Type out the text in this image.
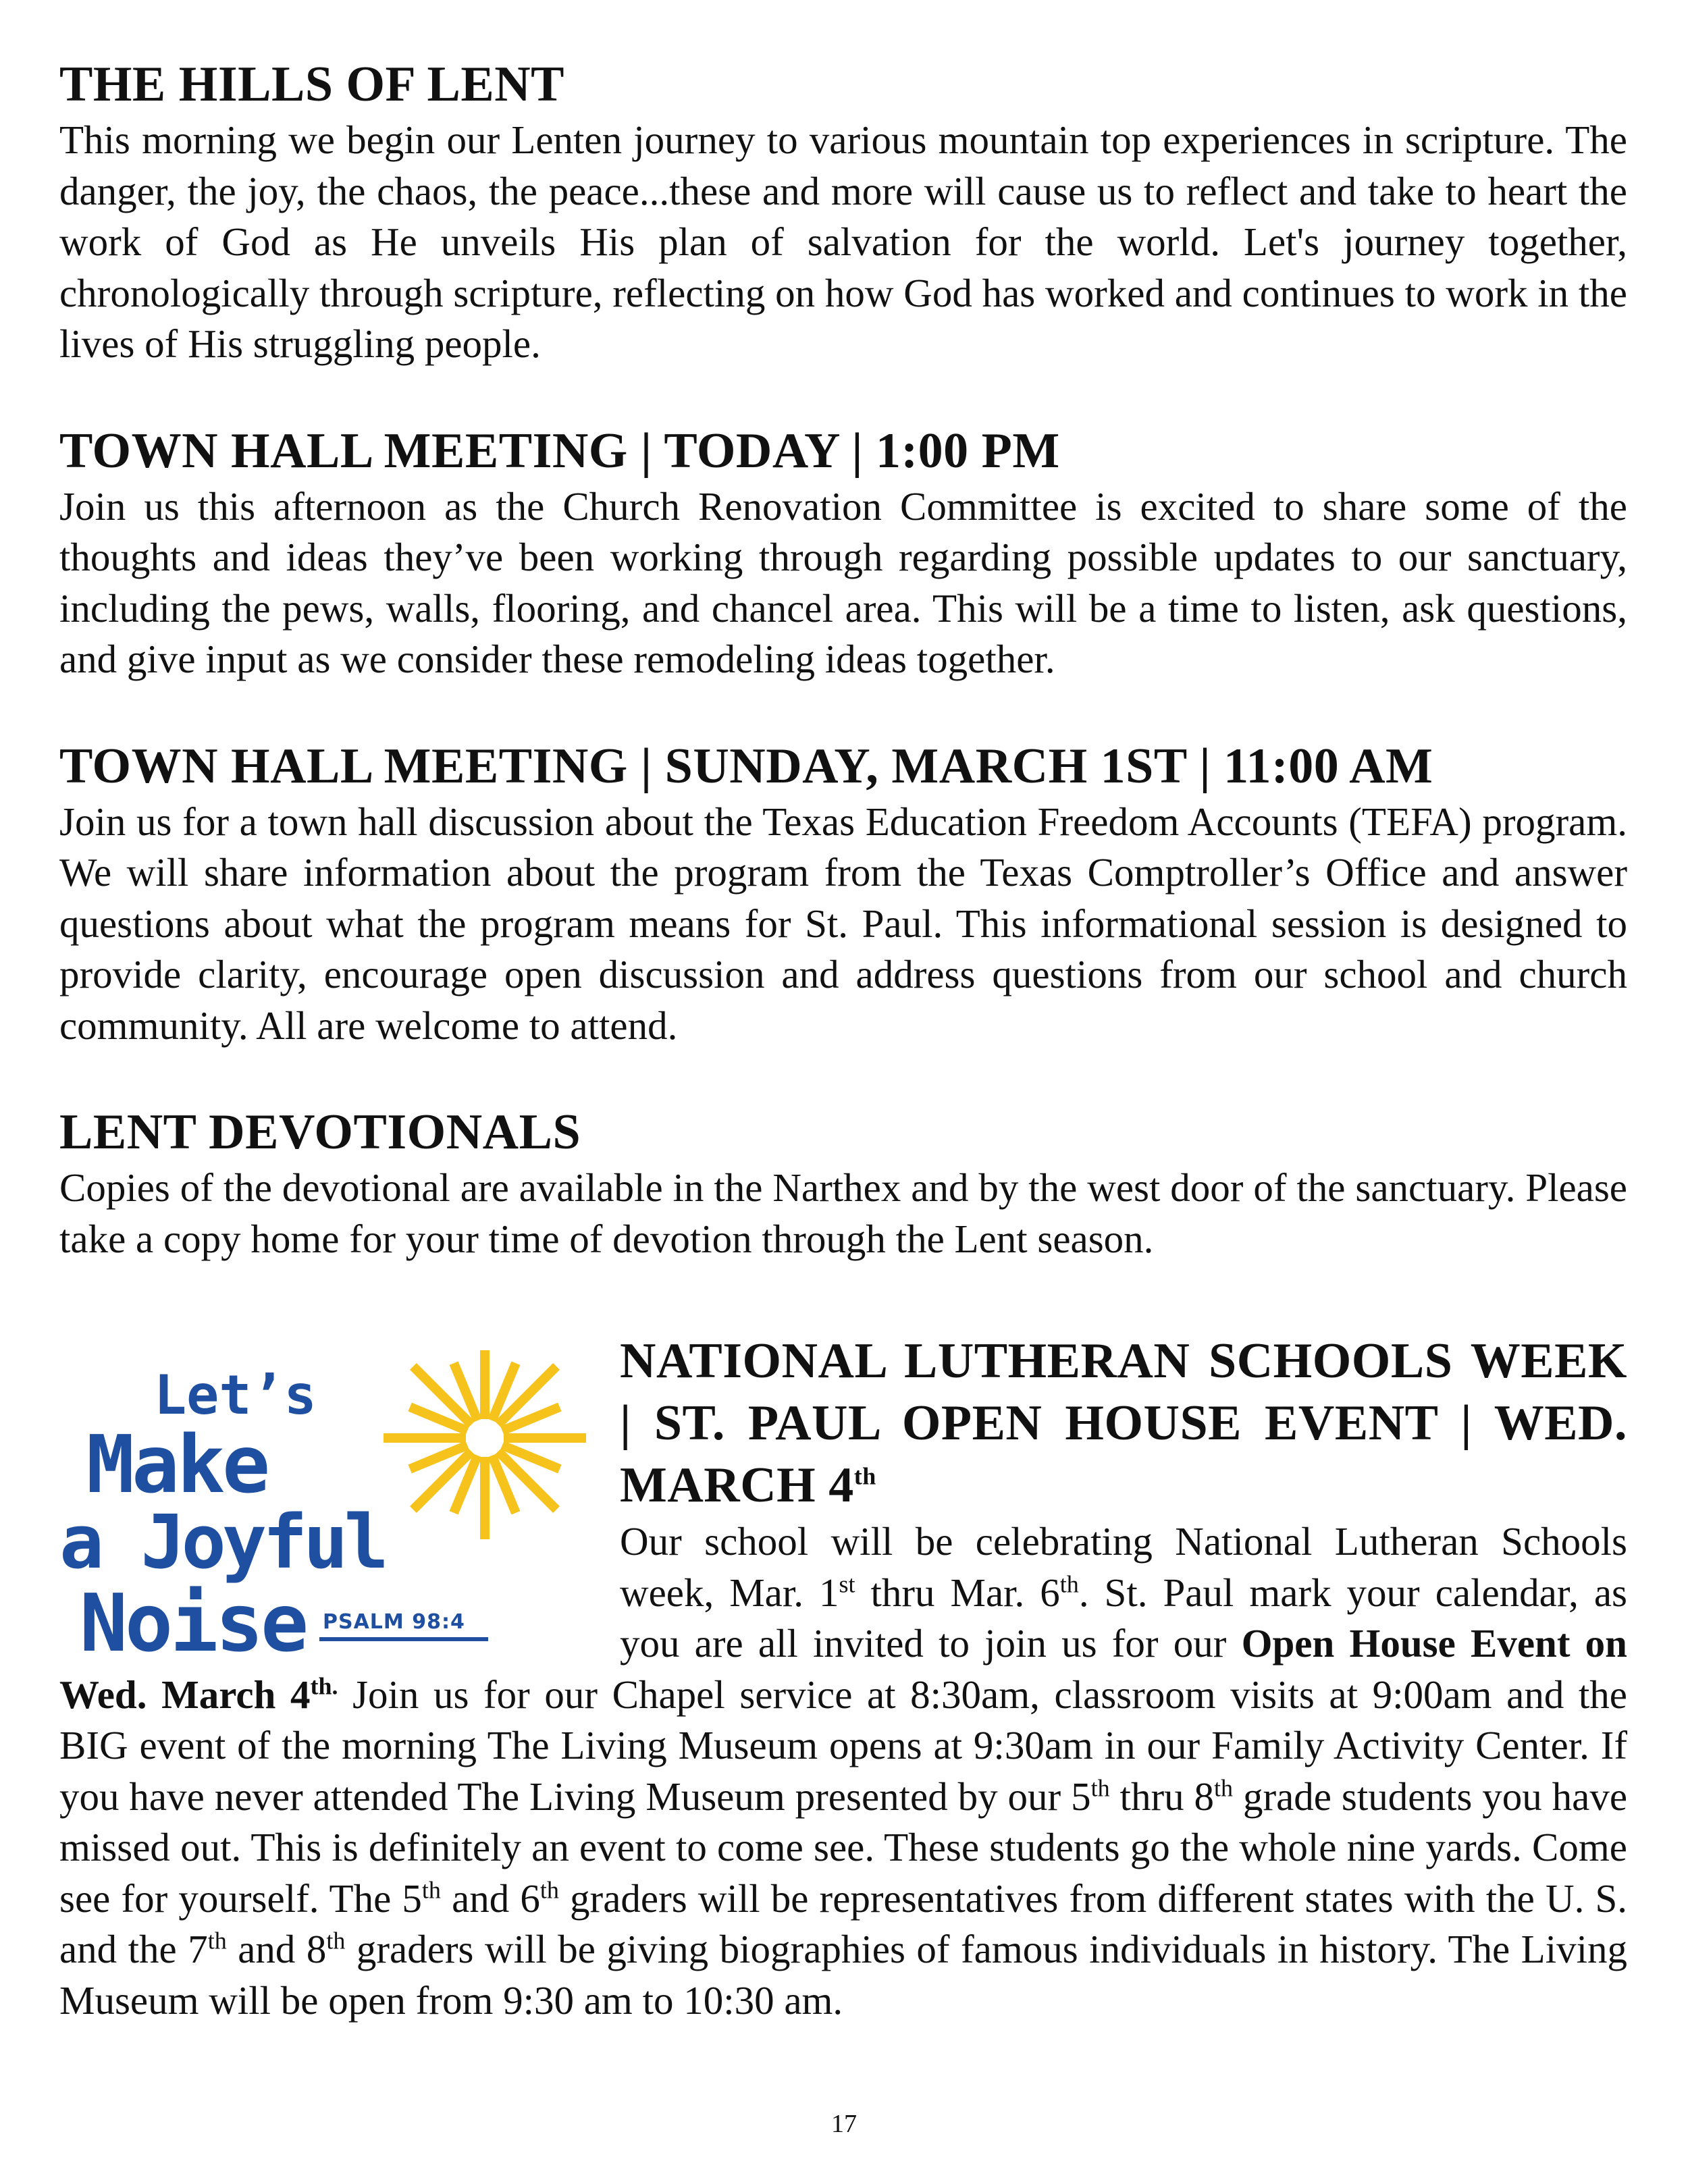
THE HILLS OF LENT

This morning we begin our Lenten journey to various mountain top experiences in scripture. The danger, the joy, the chaos, the peace...these and more will cause us to reflect and take to heart the work of God as He unveils His plan of salvation for the world. Let's journey together, chronologically through scripture, reflecting on how God has worked and continues to work in the lives of His struggling people.

TOWN HALL MEETING | TODAY | 1:00 PM

Join us this afternoon as the Church Renovation Committee is excited to share some of the thoughts and ideas they’ve been working through regarding possible updates to our sanctuary, including the pews, walls, flooring, and chancel area. This will be a time to listen, ask questions, and give input as we consider these remodeling ideas together.

TOWN HALL MEETING | SUNDAY, MARCH 1ST | 11:00 AM

Join us for a town hall discussion about the Texas Education Freedom Accounts (TEFA) program. We will share information about the program from the Texas Comptroller’s Office and answer questions about what the program means for St. Paul. This informational session is designed to provide clarity, encourage open discussion and address questions from our school and church community. All are welcome to attend.

LENT DEVOTIONALS

Copies of the devotional are available in the Narthex and by the west door of the sanctuary. Please take a copy home for your time of devotion through the Lent season.

Let’s
Make
a Joyful
Noise PSALM 98:4
NATIONAL LUTHERAN SCHOOLS WEEK | ST. PAUL OPEN HOUSE EVENT | WED. MARCH 4th

Our school will be celebrating National Lutheran Schools week, Mar. 1st thru Mar. 6th. St. Paul mark your calendar, as you are all invited to join us for our Open House Event on Wed. March $4^{th.}$ Join us for our Chapel service at 8:30am, classroom visits at 9:00am and the BIG event of the morning The Living Museum opens at 9:30am in our Family Activity Center. If you have never attended The Living Museum presented by our 5th thru 8th grade students you have missed out. This is definitely an event to come see. These students go the whole nine yards. Come see for yourself. The 5th and 6th graders will be representatives from different states with the U. S. and the 7th and 8th graders will be giving biographies of famous individuals in history. The Living Museum will be open from 9:30 am to 10:30 am.

17
